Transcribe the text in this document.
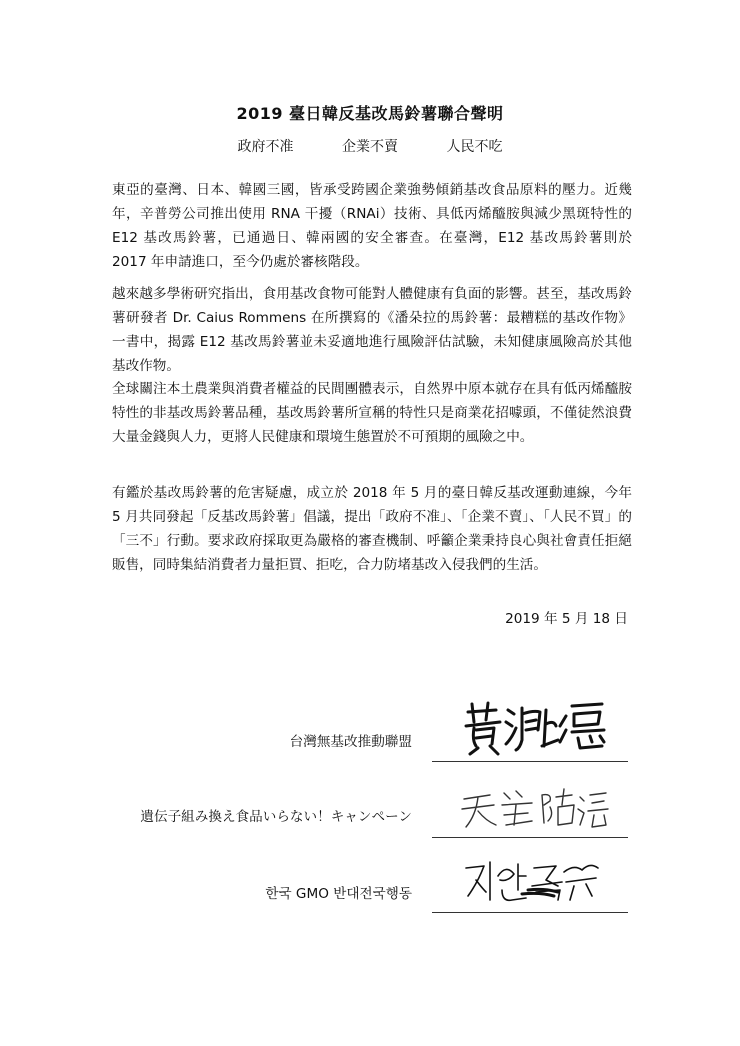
2019 臺日韓反基改馬鈴薯聯合聲明
政府不准	企業不賣	人民不吃
東亞的臺灣、日本、韓國三國，皆承受跨國企業強勢傾銷基改食品原料的壓力。近幾年，辛普勞公司推出使用 RNA 干擾（RNAi）技術、具低丙烯醯胺與減少黑斑特性的 E12 基改馬鈴薯，已通過日、韓兩國的安全審查。在臺灣，E12 基改馬鈴薯則於 2017 年申請進口，至今仍處於審核階段。
越來越多學術研究指出，食用基改食物可能對人體健康有負面的影響。甚至，基改馬鈴薯研發者 Dr. Caius Rommens 在所撰寫的《潘朵拉的馬鈴薯：最糟糕的基改作物》一書中，揭露 E12 基改馬鈴薯並未妥適地進行風險評估試驗，未知健康風險高於其他基改作物。
全球關注本土農業與消費者權益的民間團體表示，自然界中原本就存在具有低丙烯醯胺特性的非基改馬鈴薯品種，基改馬鈴薯所宣稱的特性只是商業花招噱頭，不僅徒然浪費大量金錢與人力，更將人民健康和環境生態置於不可預期的風險之中。
有鑑於基改馬鈴薯的危害疑慮，成立於 2018 年 5 月的臺日韓反基改運動連線，今年 5 月共同發起「反基改馬鈴薯」倡議，提出「政府不准」、「企業不賣」、「人民不買」的「三不」行動。要求政府採取更為嚴格的審查機制、呼籲企業秉持良心與社會責任拒絕販售，同時集結消費者力量拒買、拒吃，合力防堵基改入侵我們的生活。
2019 年 5 月 18 日
台灣無基改推動聯盟
遺伝子組み換え食品いらない！キャンペーン
한국 GMO 반대전국행동
